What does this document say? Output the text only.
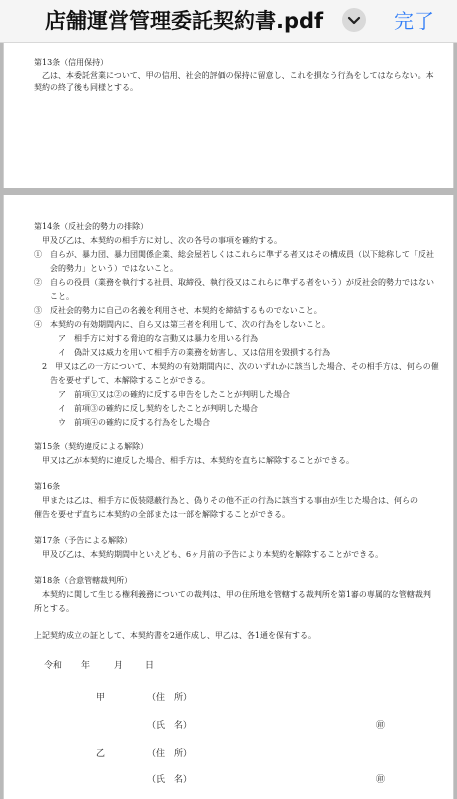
店舗運営管理委託契約書.pdf	完了
第13条（信用保持）
　乙は、本委託営業について、甲の信用、社会的評価の保持に留意し、これを損なう行為をしてはならない。本
契約の終了後も同様とする。
第14条（反社会的勢力の排除）
　甲及び乙は、本契約の相手方に対し、次の各号の事項を確約する。
①　自らが、暴力団、暴力団関係企業、総会屋若しくはこれらに準ずる者又はその構成員（以下総称して「反社
　　会的勢力」という）ではないこと。
②　自らの役員（業務を執行する社員、取締役、執行役又はこれらに準ずる者をいう）が反社会的勢力ではない
　　こと。
③　反社会的勢力に自己の名義を利用させ、本契約を締結するものでないこと。
④　本契約の有効期間内に、自ら又は第三者を利用して、次の行為をしないこと。
　　　ア　相手方に対する脅迫的な言動又は暴力を用いる行為
　　　イ　偽計又は威力を用いて相手方の業務を妨害し、又は信用を毀損する行為
　2　甲又は乙の一方について、本契約の有効期間内に、次のいずれかに該当した場合、その相手方は、何らの催
　　告を要せずして、本解除することができる。
　　　ア　前項①又は②の確約に反する申告をしたことが判明した場合
　　　イ　前項③の確約に反し契約をしたことが判明した場合
　　　ウ　前項④の確約に反する行為をした場合
第15条（契約違反による解除）
　甲又は乙が本契約に違反した場合、相手方は、本契約を直ちに解除することができる。
第16条
　甲または乙は、相手方に仮装隠蔽行為と、偽りその他不正の行為に該当する事由が生じた場合は、何らの
催告を要せず直ちに本契約の全部または一部を解除することができる。
第17条（予告による解除）
　甲及び乙は、本契約期間中といえども、6ヶ月前の予告により本契約を解除することができる。
第18条（合意管轄裁判所）
　本契約に関して生じる権利義務についての裁判は、甲の住所地を管轄する裁判所を第1審の専属的な管轄裁判
所とする。
上記契約成立の証として、本契約書を2通作成し、甲乙は、各1通を保有する。
令和 年	月 日
甲	（住　所）
（氏　名）	㊞
乙	（住　所）
（氏　名）	㊞
